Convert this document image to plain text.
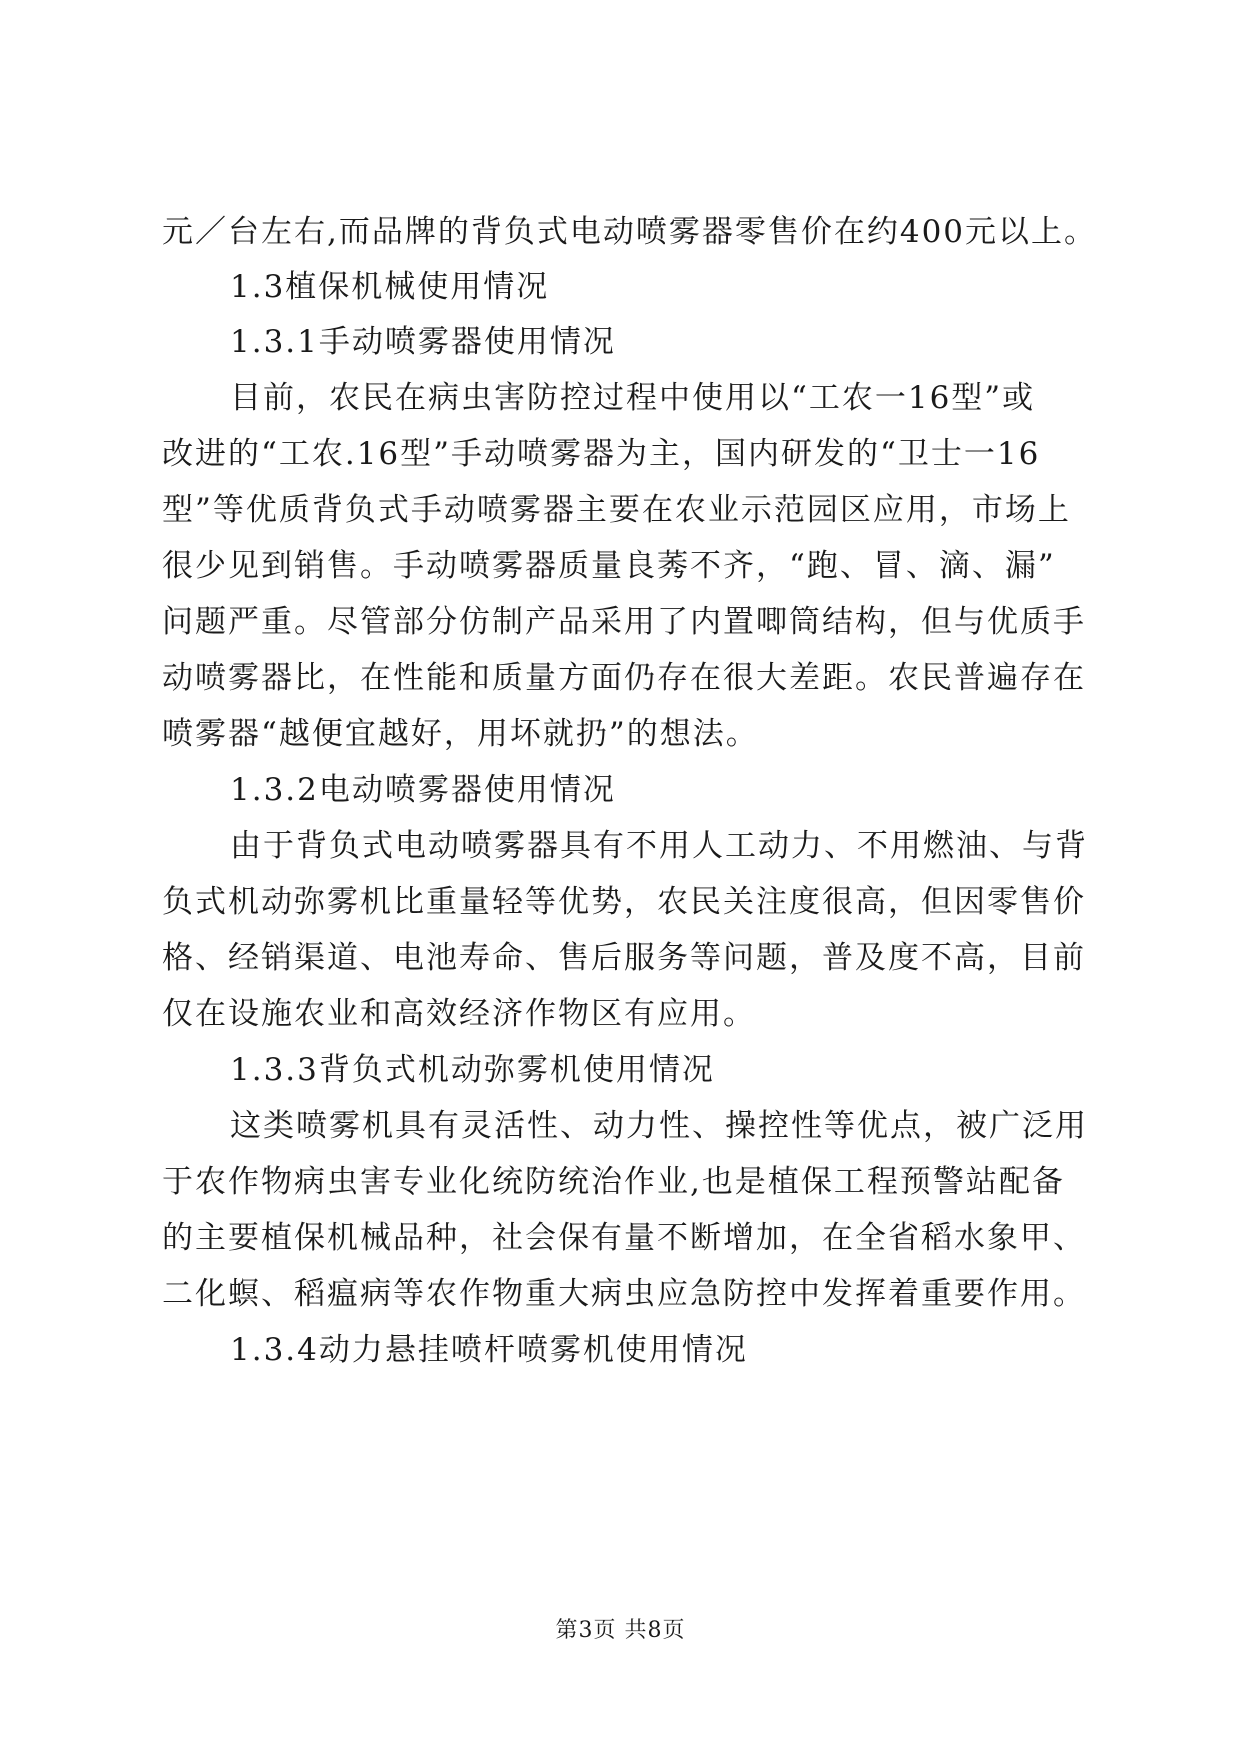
元／台左右,而品牌的背负式电动喷雾器零售价在约400元以上。
1.3植保机械使用情况
1.3.1手动喷雾器使用情况
目前，农民在病虫害防控过程中使用以“工农一16型”或
改进的“工农.16型”手动喷雾器为主，国内研发的“卫士一16
型”等优质背负式手动喷雾器主要在农业示范园区应用，市场上
很少见到销售。手动喷雾器质量良莠不齐，“跑、冒、滴、漏”
问题严重。尽管部分仿制产品采用了内置唧筒结构，但与优质手
动喷雾器比，在性能和质量方面仍存在很大差距。农民普遍存在
喷雾器“越便宜越好，用坏就扔”的想法。
1.3.2电动喷雾器使用情况
由于背负式电动喷雾器具有不用人工动力、不用燃油、与背
负式机动弥雾机比重量轻等优势，农民关注度很高，但因零售价
格、经销渠道、电池寿命、售后服务等问题，普及度不高，目前
仅在设施农业和高效经济作物区有应用。
1.3.3背负式机动弥雾机使用情况
这类喷雾机具有灵活性、动力性、操控性等优点，被广泛用
于农作物病虫害专业化统防统治作业,也是植保工程预警站配备
的主要植保机械品种，社会保有量不断增加，在全省稻水象甲、
二化螟、稻瘟病等农作物重大病虫应急防控中发挥着重要作用。
1.3.4动力悬挂喷杆喷雾机使用情况
第3页 共8页
